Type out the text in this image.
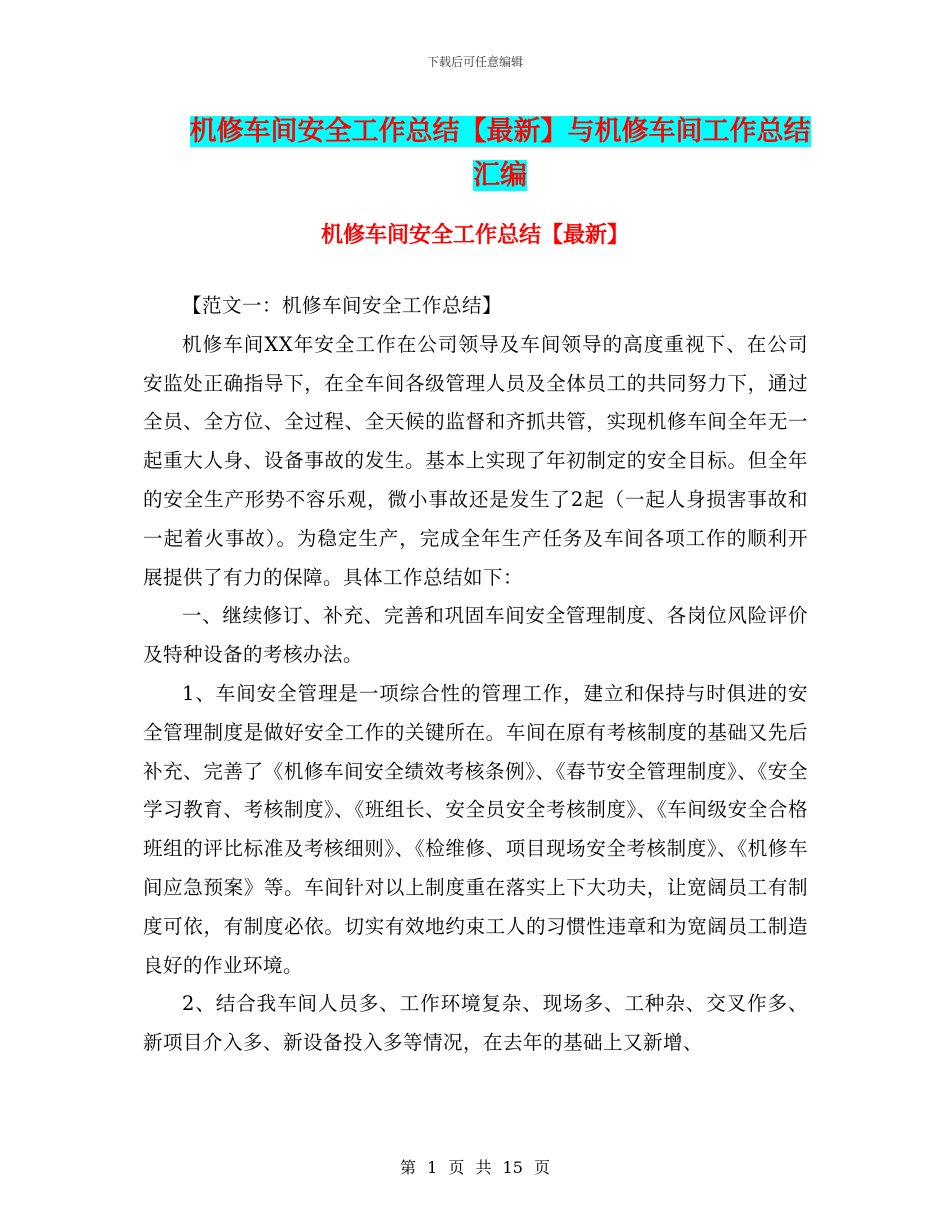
下载后可任意编辑
机修车间安全工作总结【最新】与机修车间工作总结汇编
机修车间安全工作总结【最新】

【范文一：机修车间安全工作总结】

机修车间XX年安全工作在公司领导及车间领导的高度重视下、在公司安监处正确指导下，在全车间各级管理人员及全体员工的共同努力下，通过全员、全方位、全过程、全天候的监督和齐抓共管，实现机修车间全年无一起重大人身、设备事故的发生。基本上实现了年初制定的安全目标。但全年的安全生产形势不容乐观，微小事故还是发生了2起（一起人身损害事故和一起着火事故）。为稳定生产，完成全年生产任务及车间各项工作的顺利开展提供了有力的保障。具体工作总结如下：

一、继续修订、补充、完善和巩固车间安全管理制度、各岗位风险评价及特种设备的考核办法。

1、车间安全管理是一项综合性的管理工作，建立和保持与时俱进的安全管理制度是做好安全工作的关键所在。车间在原有考核制度的基础又先后补充、完善了《机修车间安全绩效考核条例》、《春节安全管理制度》、《安全学习教育、考核制度》、《班组长、安全员安全考核制度》、《车间级安全合格班组的评比标准及考核细则》、《检维修、项目现场安全考核制度》、《机修车间应急预案》等。车间针对以上制度重在落实上下大功夫，让宽阔员工有制度可依，有制度必依。切实有效地约束工人的习惯性违章和为宽阔员工制造良好的作业环境。

2、结合我车间人员多、工作环境复杂、现场多、工种杂、交叉作多、新项目介入多、新设备投入多等情况，在去年的基础上又新增、

第 1 页 共 15 页
